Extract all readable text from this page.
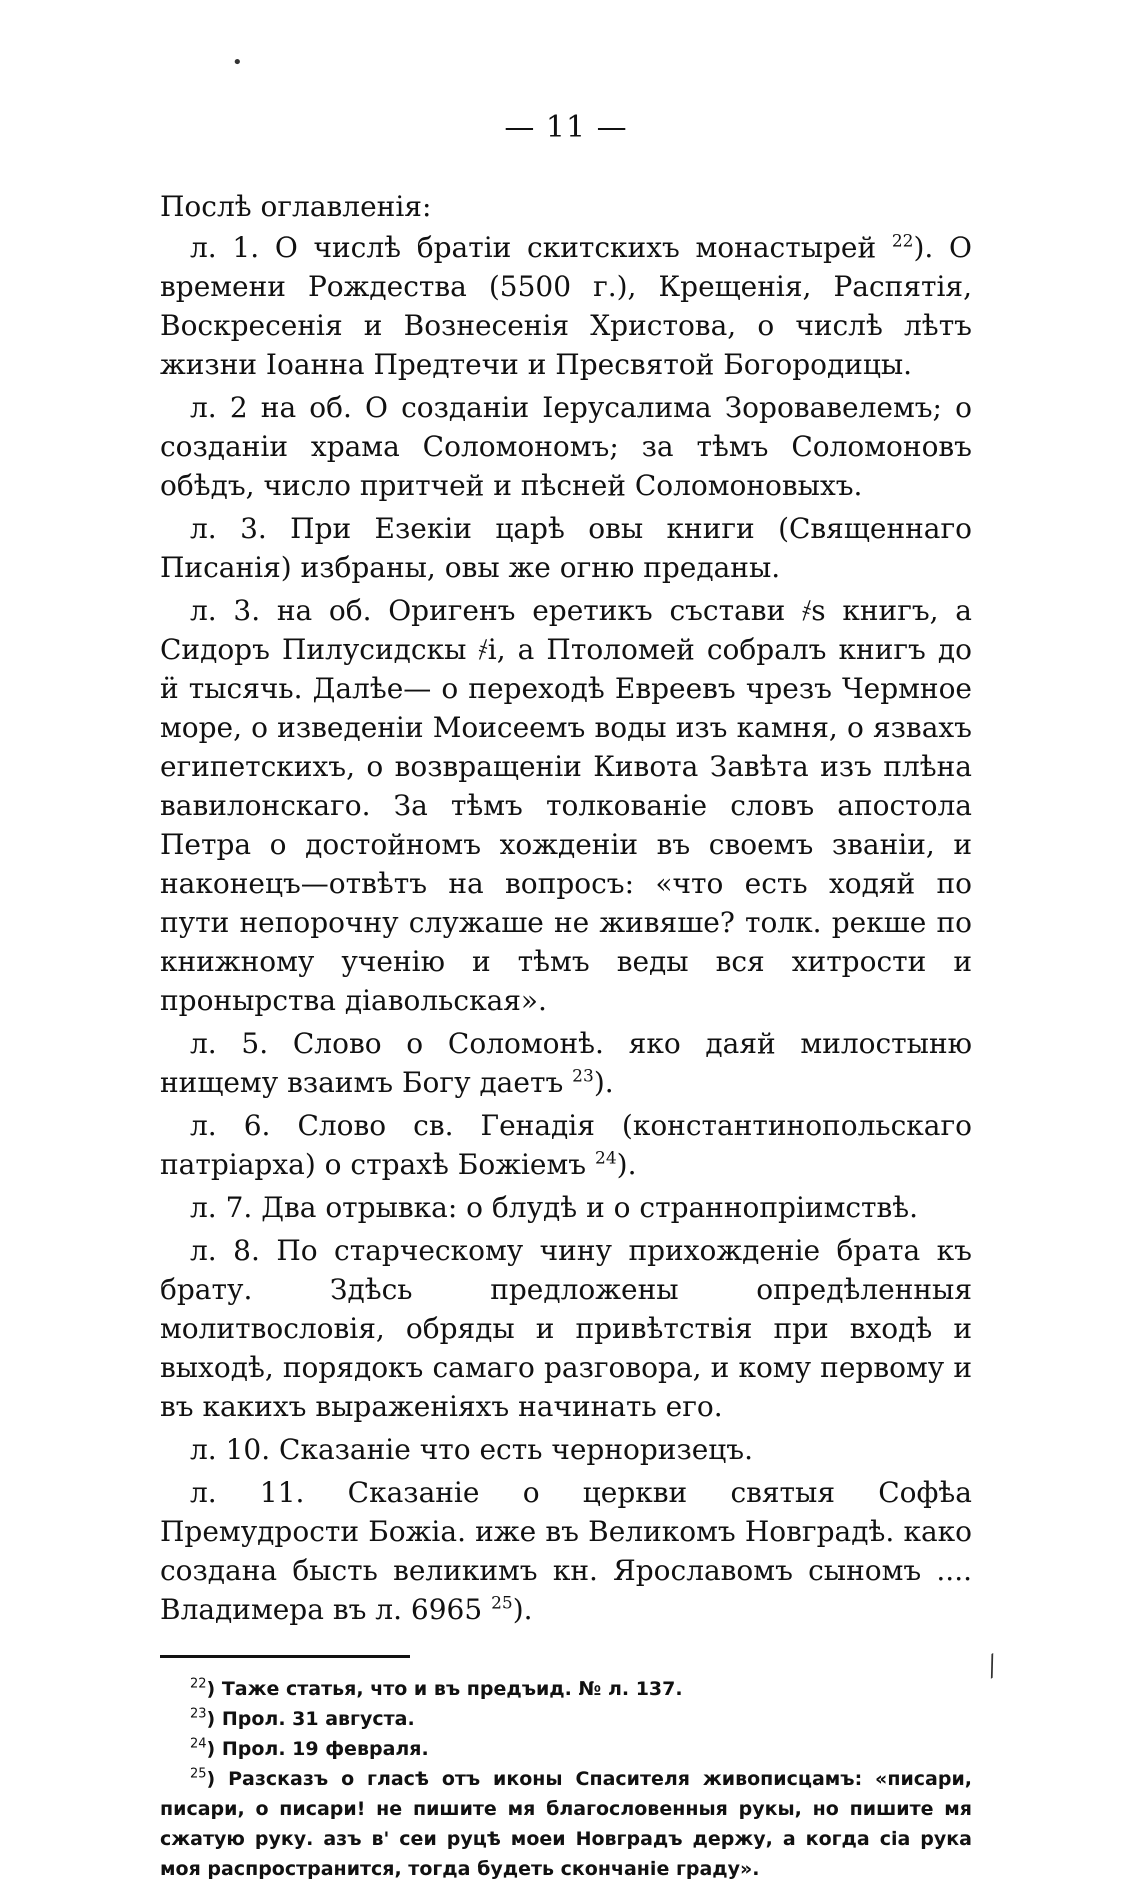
— 11 —

Послѣ оглавленія:

л. 1. О числѣ братіи скитскихъ монастырей $^{22}$). О времени Рождества (5500 г.), Крещенія, Распятія, Воскресенія и Вознесенія Христова, о числѣ лѣтъ жизни Іоанна Предтечи и Пресвятой Богородицы.

л. 2 на об. О созданіи Іерусалима Зоровавелемъ; о созданіи храма Соломономъ; за тѣмъ Соломоновъ обѣдъ, число притчей и пѣсней Соломоновыхъ.

л. 3. При Езекіи царѣ овы книги (Священнаго Писанія) избраны, овы же огню преданы.

л. 3. на об. Оригенъ еретикъ състави ҂ѕ книгъ, а Сидоръ Пилусидскы ҂і, а Птоломей собралъ книгъ до ӥ тысячь. Далѣе— о переходѣ Евреевъ чрезъ Чермное море, о изведеніи Моисеемъ воды изъ камня, о язвахъ египетскихъ, о возвращеніи Кивота Завѣта изъ плѣна вавилонскаго. За тѣмъ толкованіе словъ апостола Петра о достойномъ хожденіи въ своемъ званіи, и наконецъ—отвѣтъ на вопросъ: «что есть ходяй по пути непорочну служаше не живяше? толк. рекше по книжному ученію и тѣмъ веды вся хитрости и пронырства діавольская».

л. 5. Слово о Соломонѣ. яко даяй милостыню нищему взаимъ Богу даетъ $^{23}$).

л. 6. Слово св. Генадія (константинопольскаго патріарха) о страхѣ Божіемъ $^{24}$).

л. 7. Два отрывка: о блудѣ и о страннопріимствѣ.

л. 8. По старческому чину прихожденіе брата къ брату. Здѣсь предложены опредѣленныя молитвословія, обряды и привѣтствія при входѣ и выходѣ, порядокъ самаго разговора, и кому первому и въ какихъ выраженіяхъ начинать его.

л. 10. Сказаніе что есть черноризецъ.

л. 11. Сказаніе о церкви святыя Софѣа Премудрости Божіа. иже въ Великомъ Новградѣ. како создана бысть великимъ кн. Ярославомъ сыномъ .... Владимера въ л. 6965 $^{25}$).

$^{22}$) Таже статья, что и въ предъид. № л. 137.

$^{23}$) Прол. 31 августа.

$^{24}$) Прол. 19 февраля.

$^{25}$) Разсказъ о гласѣ отъ иконы Спасителя живописцамъ: «писари, писари, о писари! не пишите мя благословенныя рукы, но пишите мя сжатую руку. азъ в' сеи руцѣ моеи Новградъ держу, а когда сіа рука моя распространится, тогда будеть скончаніе граду».

•
⁄
